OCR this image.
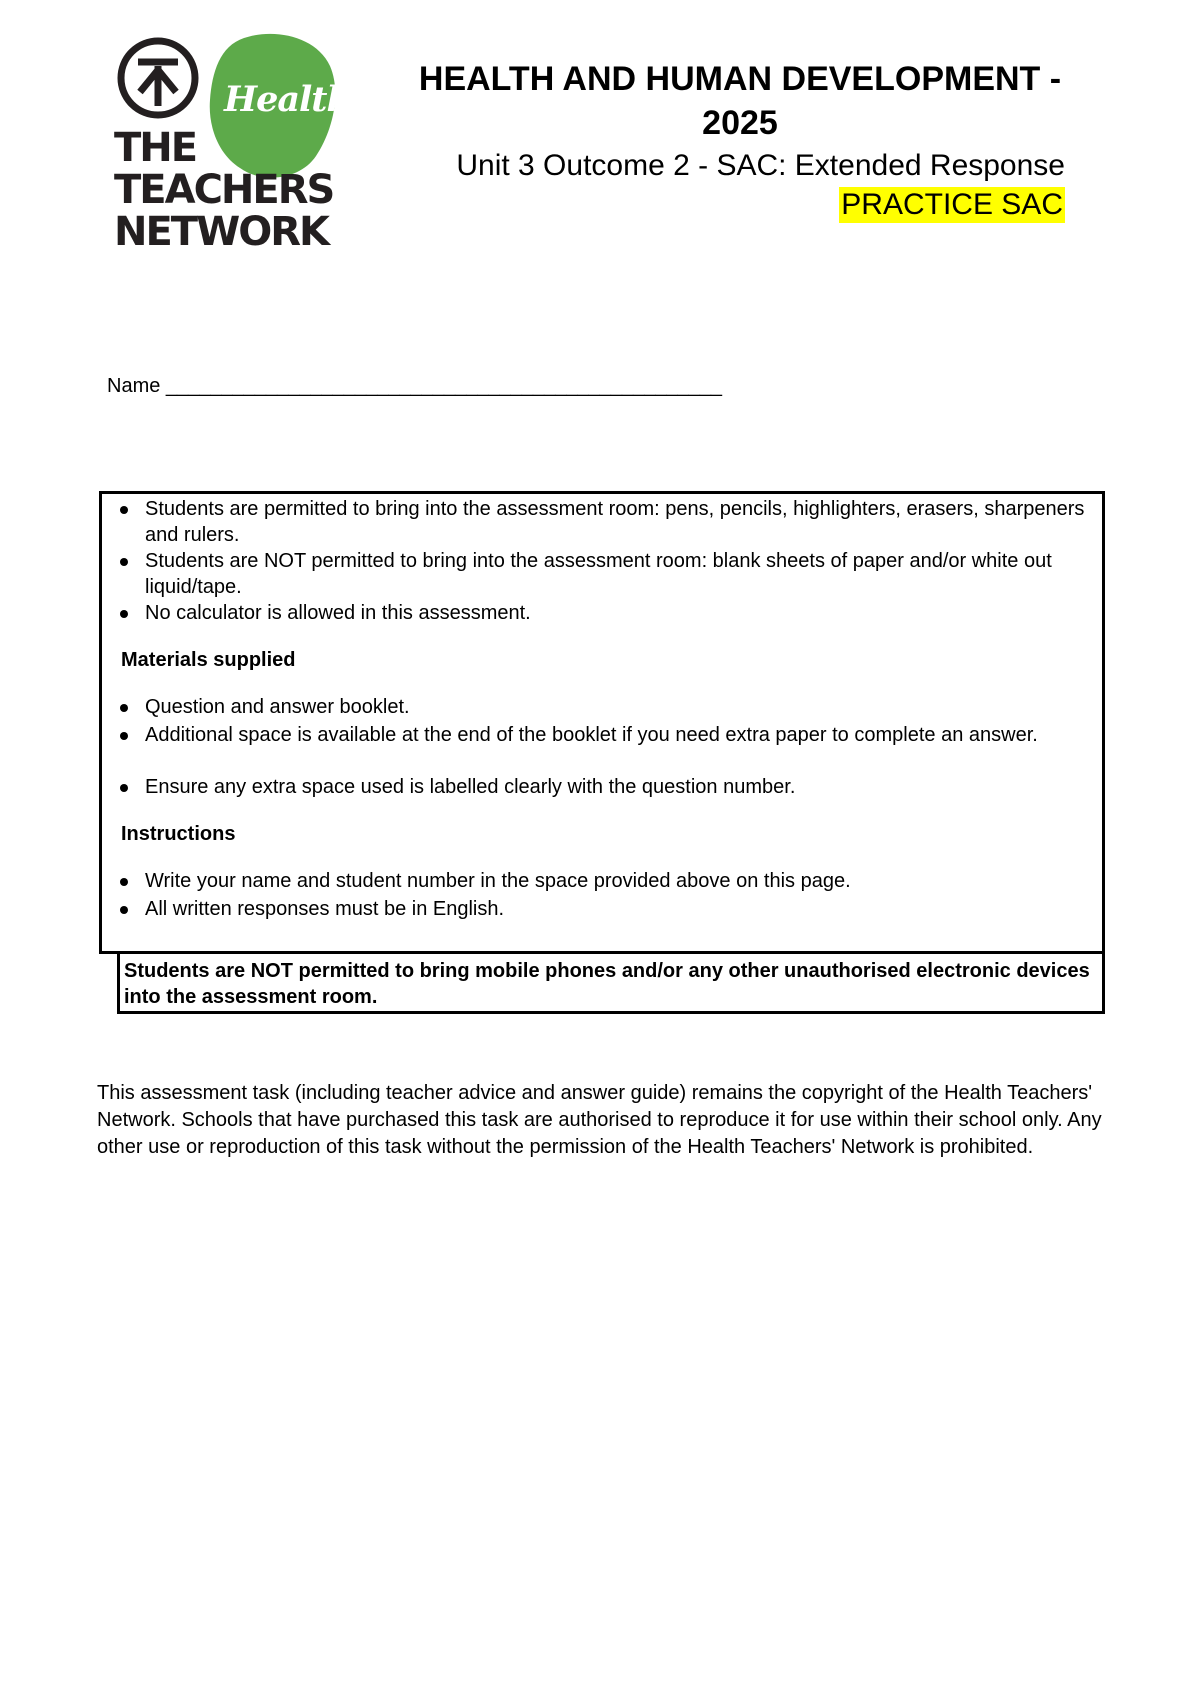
Health
THE
TEACHERS
NETWORK
HEALTH AND HUMAN DEVELOPMENT -
2025
Unit 3 Outcome 2 - SAC: Extended Response
PRACTICE SAC
Name __________________________________________________
Students are permitted to bring into the assessment room: pens, pencils, highlighters, erasers, sharpeners and rulers.
Students are NOT permitted to bring into the assessment room: blank sheets of paper and/or white out liquid/tape.
No calculator is allowed in this assessment.
Materials supplied
Question and answer booklet.
Additional space is available at the end of the booklet if you need extra paper to complete an answer.
Ensure any extra space used is labelled clearly with the question number.
Instructions
Write your name and student number in the space provided above on this page.
All written responses must be in English.
Students are NOT permitted to bring mobile phones and/or any other unauthorised electronic devices into the assessment room.
This assessment task (including teacher advice and answer guide) remains the copyright of the Health Teachers' Network. Schools that have purchased this task are authorised to reproduce it for use within their school only. Any other use or reproduction of this task without the permission of the Health Teachers' Network is prohibited.
